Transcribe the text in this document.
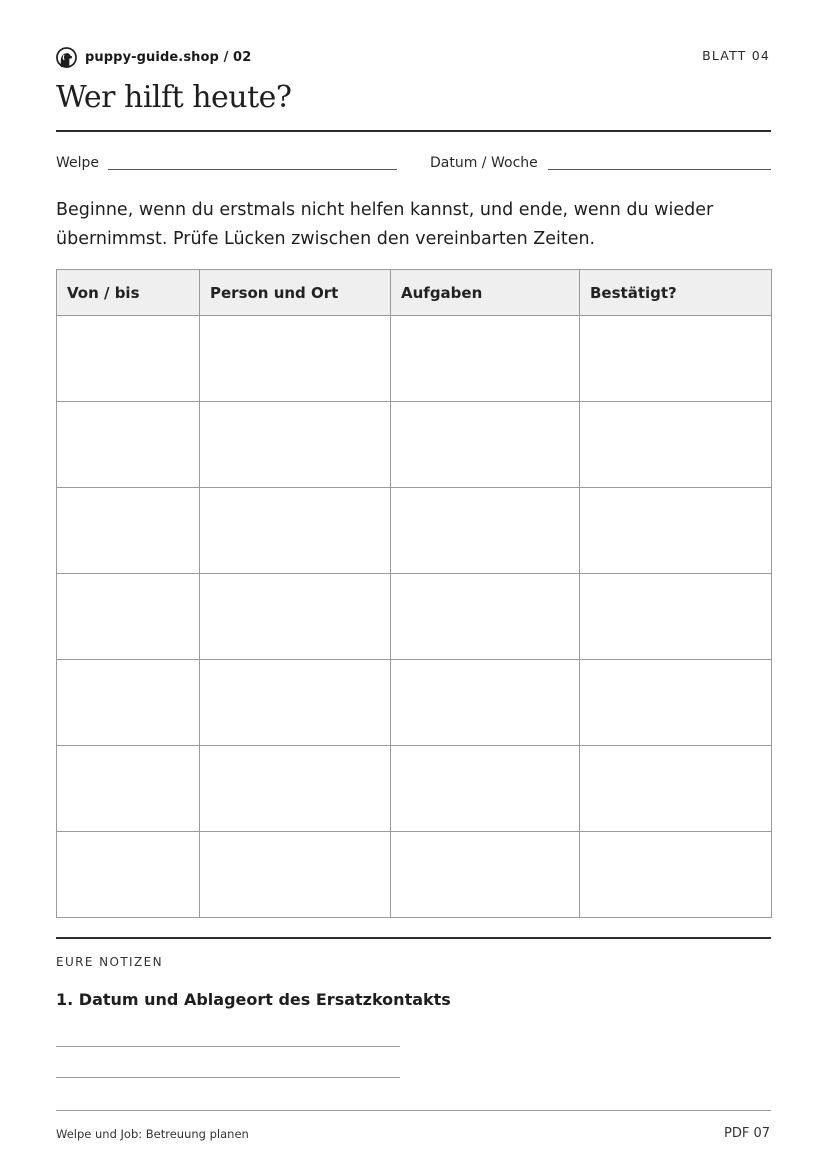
puppy-guide.shop / 02	BLATT 04
Wer hilft heute?
Welpe	Datum / Woche
Beginne, wenn du erstmals nicht helfen kannst, und ende, wenn du wieder übernimmst. Prüfe Lücken zwischen den vereinbarten Zeiten.
Von / bis	Person und Ort	Aufgaben	Bestätigt?

EURE NOTIZEN
1. Datum und Ablageort des Ersatzkontakts
Welpe und Job: Betreuung planen	PDF 07
